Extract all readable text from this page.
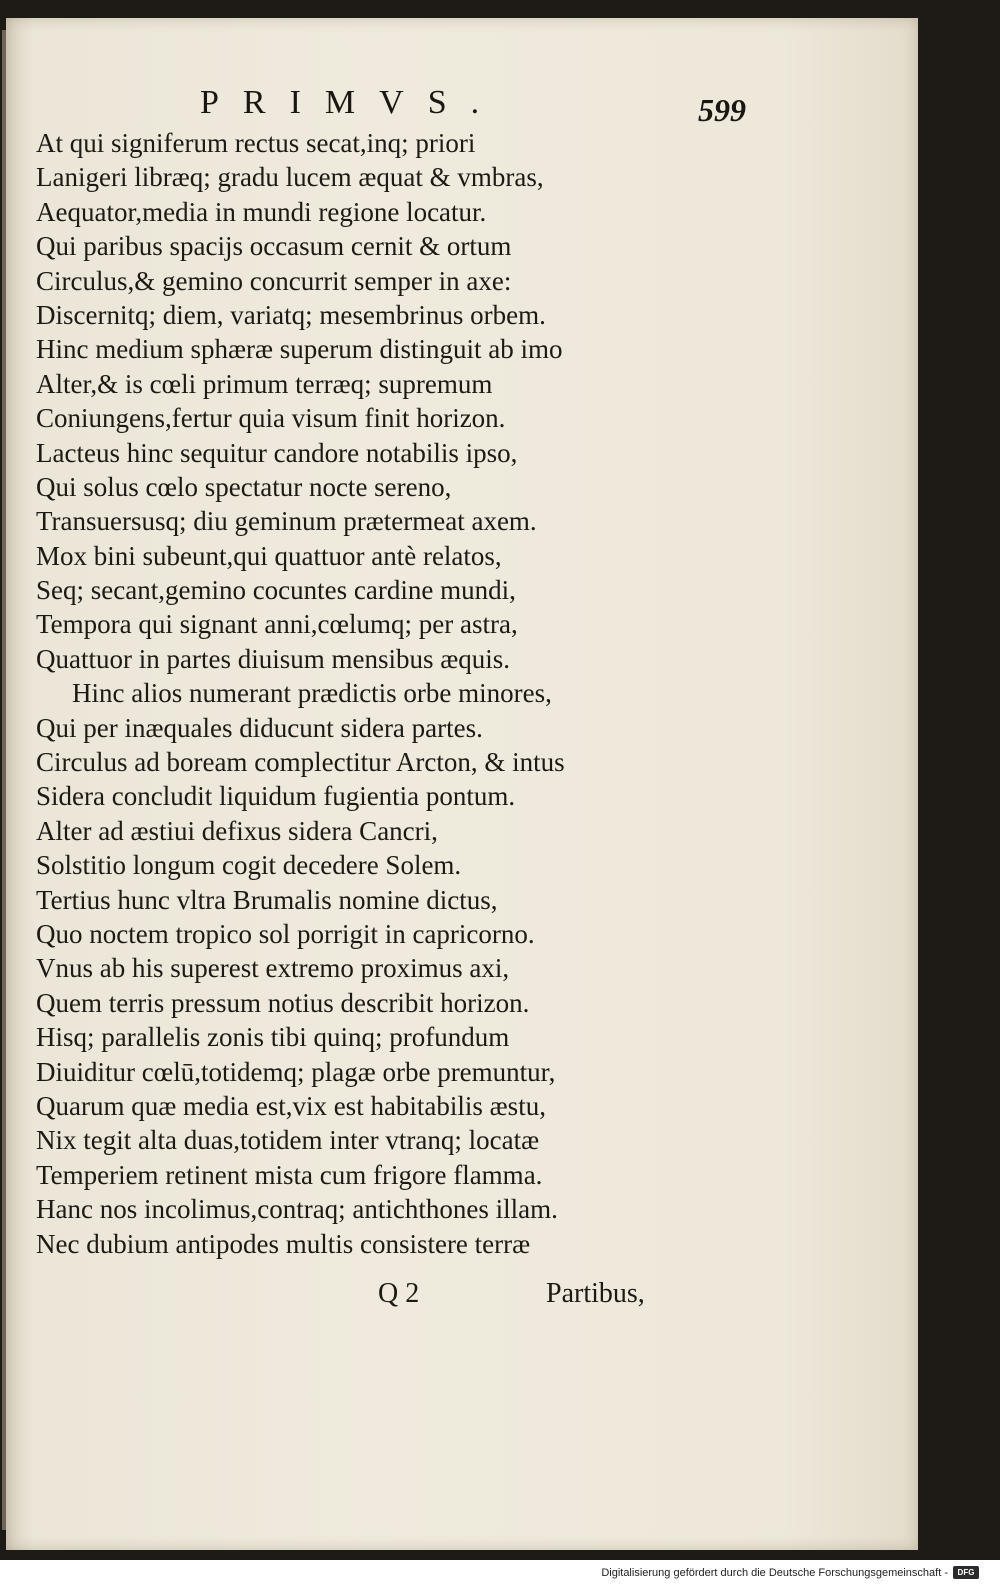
PRIMVS.	599
At qui signiferum rectus secat,inq; priori
Lanigeri libræq; gradu lucem æquat & vmbras,
Aequator,media in mundi regione locatur.
Qui paribus spacijs occasum cernit & ortum
Circulus,& gemino concurrit semper in axe:
Discernitq; diem, variatq; mesembrinus orbem.
Hinc medium sphæræ superum distinguit ab imo
Alter,& is cœli primum terræq; supremum
Coniungens,fertur quia visum finit horizon.
Lacteus hinc sequitur candore notabilis ipso,
Qui solus cœlo spectatur nocte sereno,
Transuersusq; diu geminum prætermeat axem.
Mox bini subeunt,qui quattuor antè relatos,
Seq; secant,gemino cocuntes cardine mundi,
Tempora qui signant anni,cœlumq; per astra,
Quattuor in partes diuisum mensibus æquis.
Hinc alios numerant prædictis orbe minores,
Qui per inæquales diducunt sidera partes.
Circulus ad boream complectitur Arcton, & intus
Sidera concludit liquidum fugientia pontum.
Alter ad æstiui defixus sidera Cancri,
Solstitio longum cogit decedere Solem.
Tertius hunc vltra Brumalis nomine dictus,
Quo noctem tropico sol porrigit in capricorno.
Vnus ab his superest extremo proximus axi,
Quem terris pressum notius describit horizon.
Hisq; parallelis zonis tibi quinq; profundum
Diuiditur cœlū,totidemq; plagæ orbe premuntur,
Quarum quæ media est,vix est habitabilis æstu,
Nix tegit alta duas,totidem inter vtranq; locatæ
Temperiem retinent mista cum frigore flamma.
Hanc nos incolimus,contraq; antichthones illam.
Nec dubium antipodes multis consistere terræ
Q 2	Partibus,
Digitalisierung gefördert durch die Deutsche Forschungsgemeinschaft -	DFG
